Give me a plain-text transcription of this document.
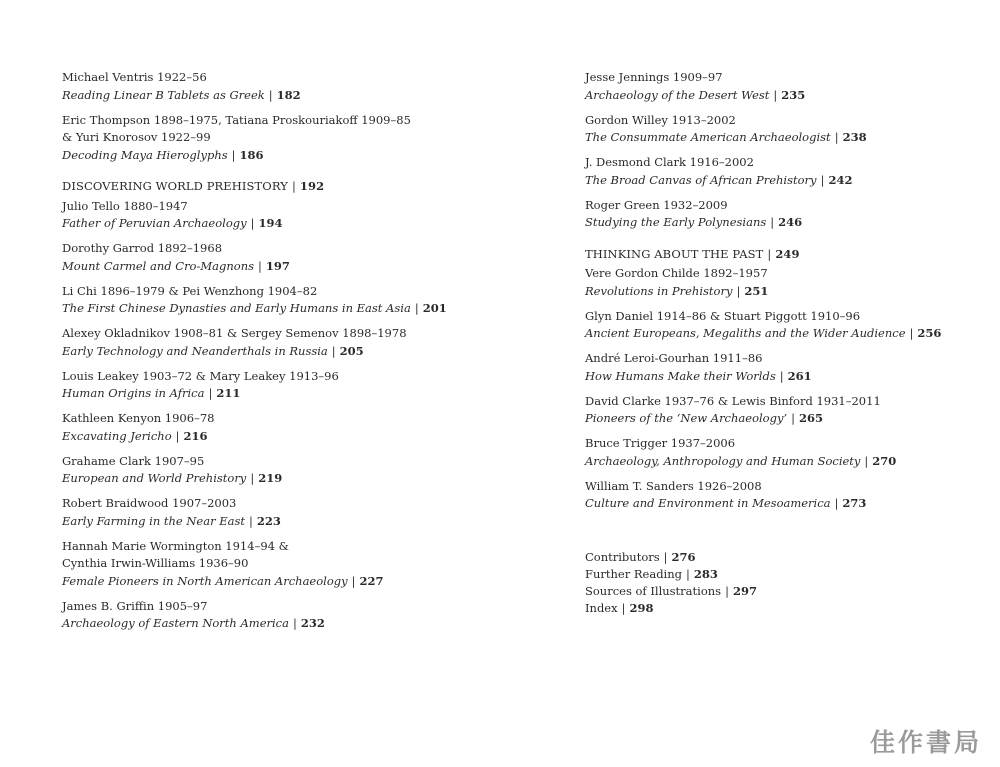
Michael Ventris 1922–56
Reading Linear B Tablets as Greek | 182
Eric Thompson 1898–1975, Tatiana Proskouriakoff 1909–85
& Yuri Knorosov 1922–99
Decoding Maya Hieroglyphs | 186
DISCOVERING WORLD PREHISTORY | 192
Julio Tello 1880–1947
Father of Peruvian Archaeology | 194
Dorothy Garrod 1892–1968
Mount Carmel and Cro-Magnons | 197
Li Chi 1896–1979 & Pei Wenzhong 1904–82
The First Chinese Dynasties and Early Humans in East Asia | 201
Alexey Okladnikov 1908–81 & Sergey Semenov 1898–1978
Early Technology and Neanderthals in Russia | 205
Louis Leakey 1903–72 & Mary Leakey 1913–96
Human Origins in Africa | 211
Kathleen Kenyon 1906–78
Excavating Jericho | 216
Grahame Clark 1907–95
European and World Prehistory | 219
Robert Braidwood 1907–2003
Early Farming in the Near East | 223
Hannah Marie Wormington 1914–94 &
Cynthia Irwin-Williams 1936–90
Female Pioneers in North American Archaeology | 227
James B. Griffin 1905–97
Archaeology of Eastern North America | 232
Jesse Jennings 1909–97
Archaeology of the Desert West | 235
Gordon Willey 1913–2002
The Consummate American Archaeologist | 238
J. Desmond Clark 1916–2002
The Broad Canvas of African Prehistory | 242
Roger Green 1932–2009
Studying the Early Polynesians | 246
THINKING ABOUT THE PAST | 249
Vere Gordon Childe 1892–1957
Revolutions in Prehistory | 251
Glyn Daniel 1914–86 & Stuart Piggott 1910–96
Ancient Europeans, Megaliths and the Wider Audience | 256
André Leroi-Gourhan 1911–86
How Humans Make their Worlds | 261
David Clarke 1937–76 & Lewis Binford 1931–2011
Pioneers of the ‘New Archaeology’ | 265
Bruce Trigger 1937–2006
Archaeology, Anthropology and Human Society | 270
William T. Sanders 1926–2008
Culture and Environment in Mesoamerica | 273
Contributors | 276
Further Reading | 283
Sources of Illustrations | 297
Index | 298
佳作書局
